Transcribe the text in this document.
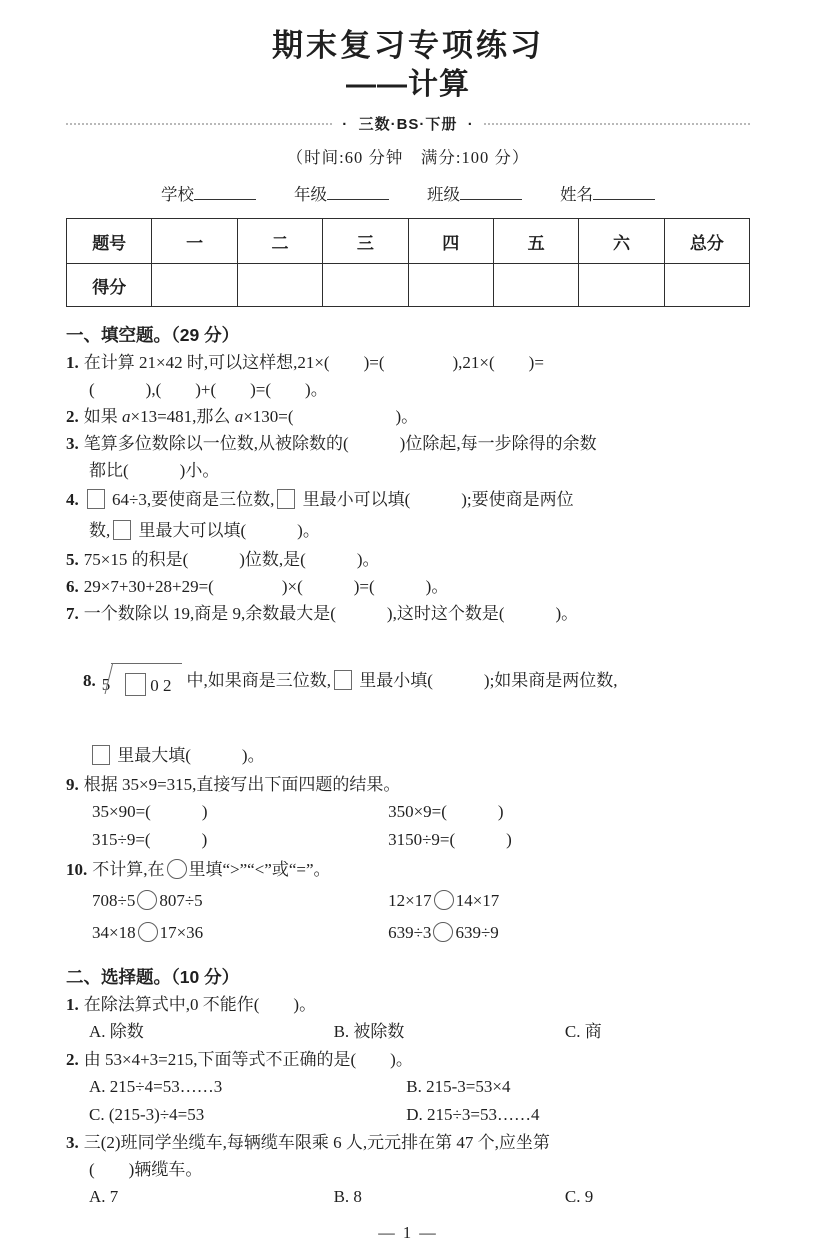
期末复习专项练习
——计算
·  三数·BS·下册  ·
（时间:60 分钟　满分:100 分）
学校	年级	班级	姓名
题号	一	二	三	四	五	六	总分
得分							
一、填空题。（29 分）
1. 在计算 21×42 时,可以这样想,21×(　　)=(　　　　),21×(　　)=
(　　　),(　　)+(　　)=(　　)。
2. 如果 a×13=481,那么 a×130=(　　　　　　)。
3. 笔算多位数除以一位数,从被除数的(　　　)位除起,每一步除得的余数
都比(　　　)小。
4. 64÷3,要使商是三位数, 里最小可以填(　　　);要使商是两位
数, 里最大可以填(　　　)。
5. 75×15 的积是(　　　)位数,是(　　　)。
6. 29×7+30+28+29=(　　　　)×(　　　)=(　　　)。
7. 一个数除以 19,商是 9,余数最大是(　　　),这时这个数是(　　　)。

8. 5	0 2 中,如果商是三位数, 里最小填(　　　);如果商是两位数,

里最大填(　　　)。
9. 根据 35×9=315,直接写出下面四题的结果。
35×90=(　　　)	350×9=(　　　)
315÷9=(　　　)	3150÷9=(　　　)
10. 不计算,在 里填“>”“<”或“=”。
708÷5 807÷5	12×17 14×17
34×18 17×36	639÷3 639÷9
二、选择题。（10 分）
1. 在除法算式中,0 不能作(　　)。
A. 除数	B. 被除数	C. 商
2. 由 53×4+3=215,下面等式不正确的是(　　)。
A. 215÷4=53……3	B. 215-3=53×4
C. (215-3)÷4=53	D. 215÷3=53……4
3. 三(2)班同学坐缆车,每辆缆车限乘 6 人,元元排在第 47 个,应坐第
(　　)辆缆车。
A. 7	B. 8	C. 9
— 1 —
